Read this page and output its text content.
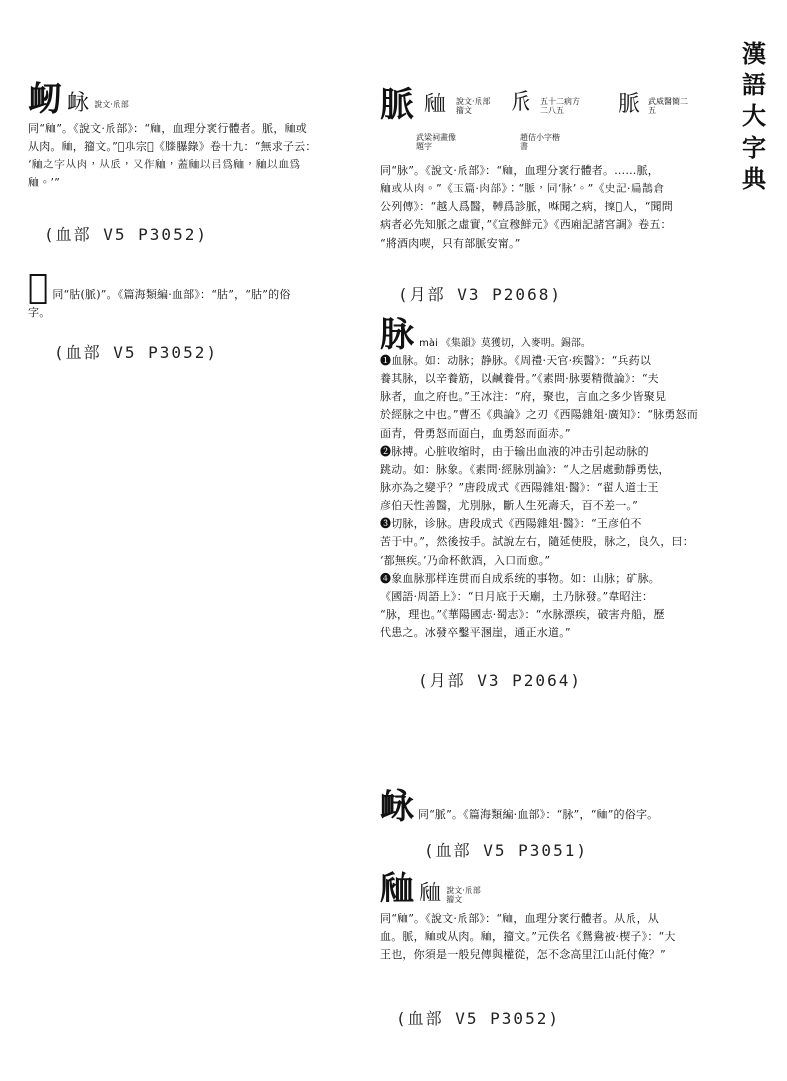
漢
語
大
字
典
衂 䘑 說文·𠂢部
同“𧖴”。《說文·𠂢部》：“𧖴，血理分衺行體者。脈，𧖴或
从肉。𧖴，籀文。”𢑴𢀗宗𢘳《𦡀𦢊錄》卷十九：“無求子云：
‘𧖴之字从肉，从𠂢，又作𧖴，蓋𧖴以㠯爲𧖴，𧖴以血爲
𧖴。’”
(血部 V5 P3052)
𧖲 同“𦙶(脈)”。《篇海類編·血部》：“𦙶”，“𦙶”的俗
字。
(血部 V5 P3052)
脈 𧖴 說文·𠂢部
籀文	𠂢 五十二病方
二八五	脈 武威醫簡二
五
武梁祠畫像
題字
趙佶小字楷
書
同“脉”。《說文·𠂢部》：“𧖴，血理分衺行體者。……脈，
𧖴或从肉。”《玉篇·肉部》：“脈，同‘脉’。”《史記·扁鵲倉
公列傳》：“越人爲醫，𩌏爲診脈，𠷘聞之病，𢶸𩆙人，“聞問
病者必先知脈之虛實，”《宣穆鮮元》《西廂記諸宮調》卷五：
“將酒肉喫，只有部脈安甯。”
(月部 V3 P2068)
脉 mài 《集韻》莫獲切，入麥明。錫部。
❶血脉。如：动脉；静脉。《周禮·天官·疾醫》：“兵药以
養其脉，以辛養筋，以鹹養骨。”《素問·脉要精微論》：“夫
脉者，血之府也。”王冰注：“府，聚也，言血之多少皆聚見
於經脉之中也。”曹丕《典論》之刃《西陽雜俎·廣知》：“脉勇怒而
面青，骨勇怒而面白，血勇怒而面赤。”
❷脉搏。心脏收缩时，由于输出血液的冲击引起动脉的
跳动。如：脉象。《素問·經脉別論》：“人之居處動靜勇怯，
脉亦為之變乎？”唐段成式《西陽雜俎·醫》：“翟人道士王
彦伯天性善醫，尤別脉，斷人生死壽夭，百不差一。”
❸切脉，诊脉。唐段成式《西陽雜俎·醫》：“王彦伯不
苦于中。”，然後按手。試說左右，隨延使股，脉之，良久，曰：
‘都無疾。’乃命杯飲酒，入口而愈。”
❹象血脉那样连贯而自成系统的事物。如：山脉；矿脉。
《國語·周語上》：“日月底于天廟，土乃脉發。”韋昭注：
“脉，理也。”《華陽國志·蜀志》：“水脉漂疾，破害舟船，歷
代患之。冰發卒鑿平溷崖，通正水道。”
(月部 V3 P2064)
䘑 同“脈”。《篇海類編·血部》：“脉”，“𧖴”的俗字。
(血部 V5 P3051)
𧖴 𧖴 說文·𠂢部
籀文
同“𧖴”。《說文·𠂢部》：“𧖴，血理分衺行體者。从𠂢，从
血。脈，𧖴或从肉。𧖴，籀文。”元佚名《鴛鴦被·楔子》：“大
王也，你須是一般兒傳與權從，怎不念高里江山託付俺？”
(血部 V5 P3052)
